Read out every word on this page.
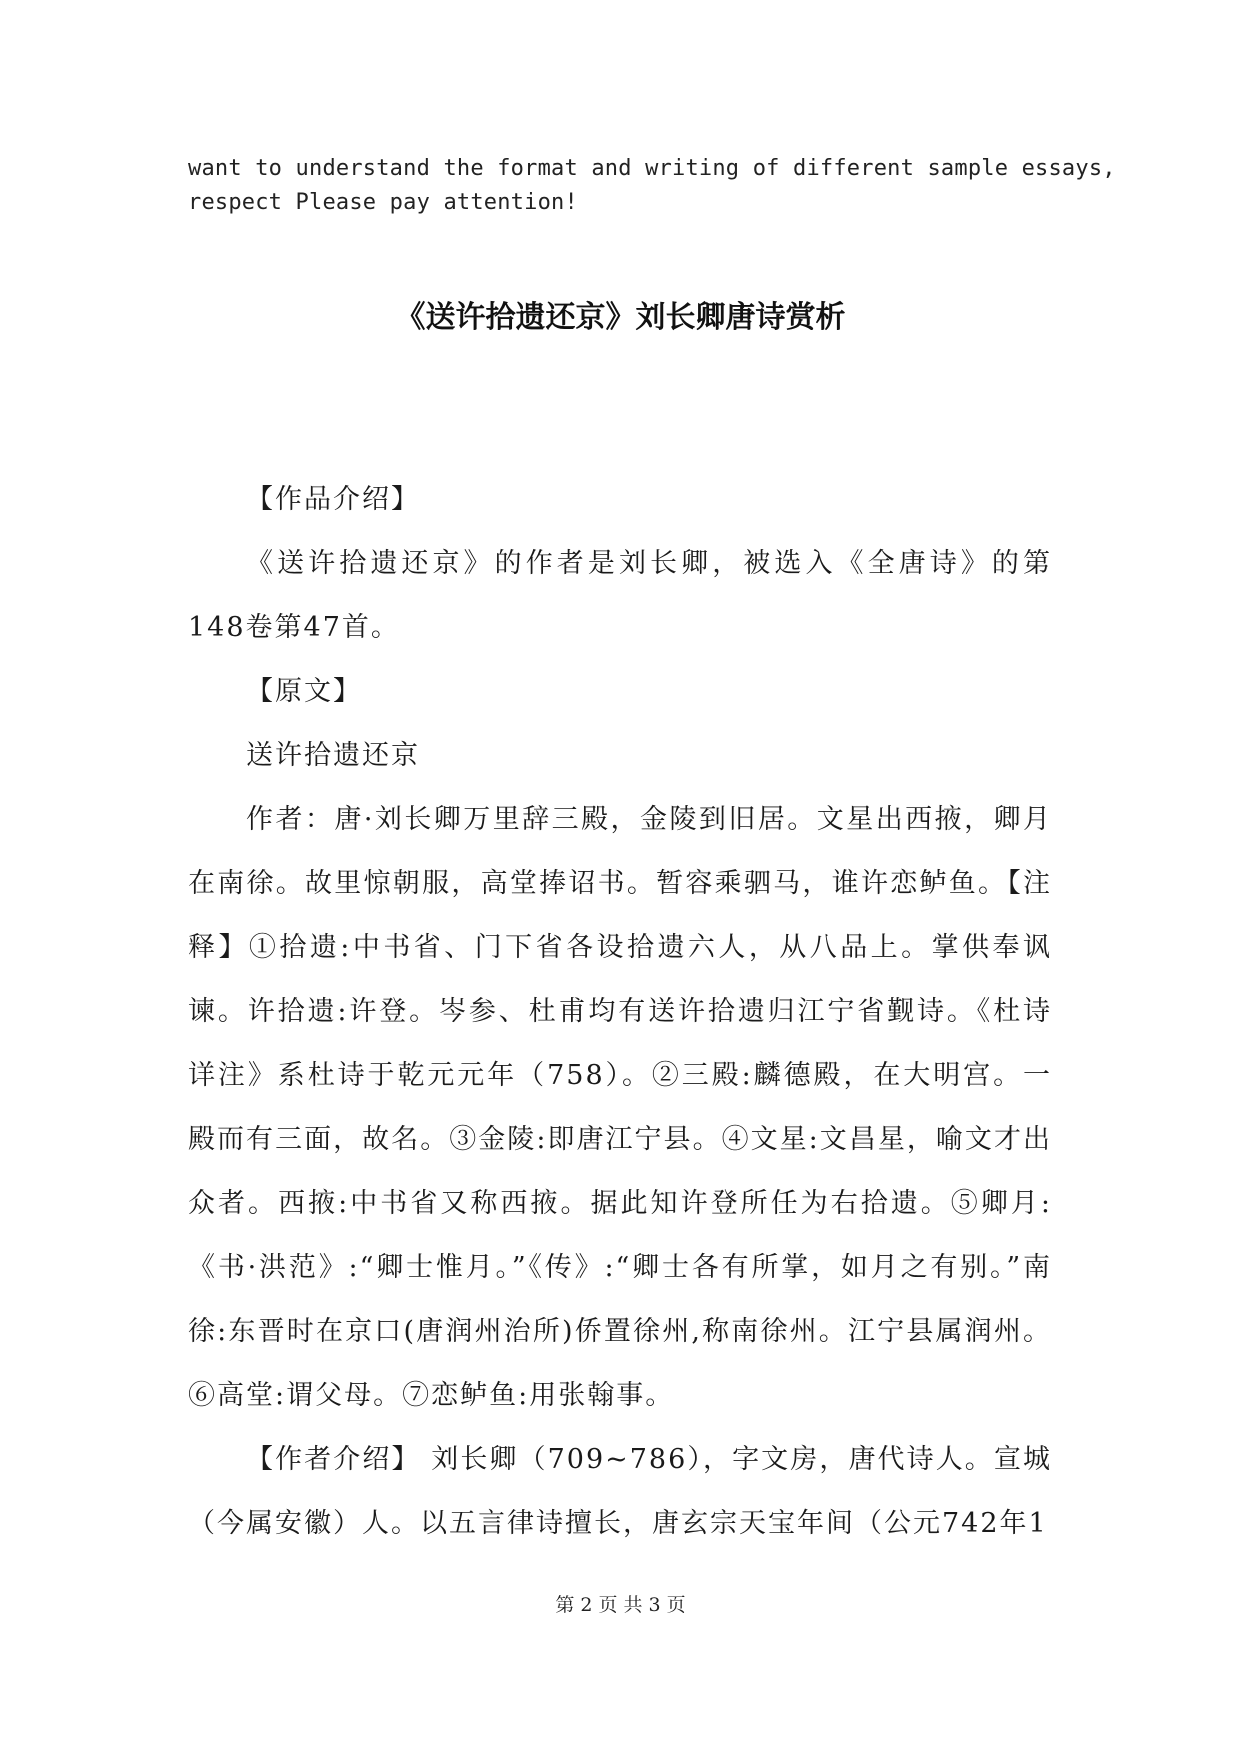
want to understand the format and writing of different sample essays,
respect Please pay attention!
《送许拾遗还京》刘长卿唐诗赏析

【作品介绍】

《送许拾遗还京》的作者是刘长卿，被选入《全唐诗》的第148卷第47首。

【原文】

送许拾遗还京

作者：唐·刘长卿万里辞三殿，金陵到旧居。文星出西掖，卿月在南徐。故里惊朝服，高堂捧诏书。暂容乘驷马，谁许恋鲈鱼。【注释】①拾遗:中书省、门下省各设拾遗六人，从八品上。掌供奉讽谏。许拾遗:许登。岑参、杜甫均有送许拾遗归江宁省觐诗。《杜诗详注》系杜诗于乾元元年（758）。②三殿:麟德殿，在大明宫。一殿而有三面，故名。③金陵:即唐江宁县。④文星:文昌星，喻文才出众者。西掖:中书省又称西掖。据此知许登所任为右拾遗。⑤卿月:《书·洪范》:“卿士惟月。”《传》:“卿士各有所掌，如月之有别。”南徐:东晋时在京口(唐润州治所)侨置徐州,称南徐州。江宁县属润州。⑥高堂:谓父母。⑦恋鲈鱼:用张翰事。

【作者介绍】 刘长卿（709~786），字文房，唐代诗人。宣城（今属安徽）人。以五言律诗擅长，唐玄宗天宝年间（公元742年1

第 2 页 共 3 页
